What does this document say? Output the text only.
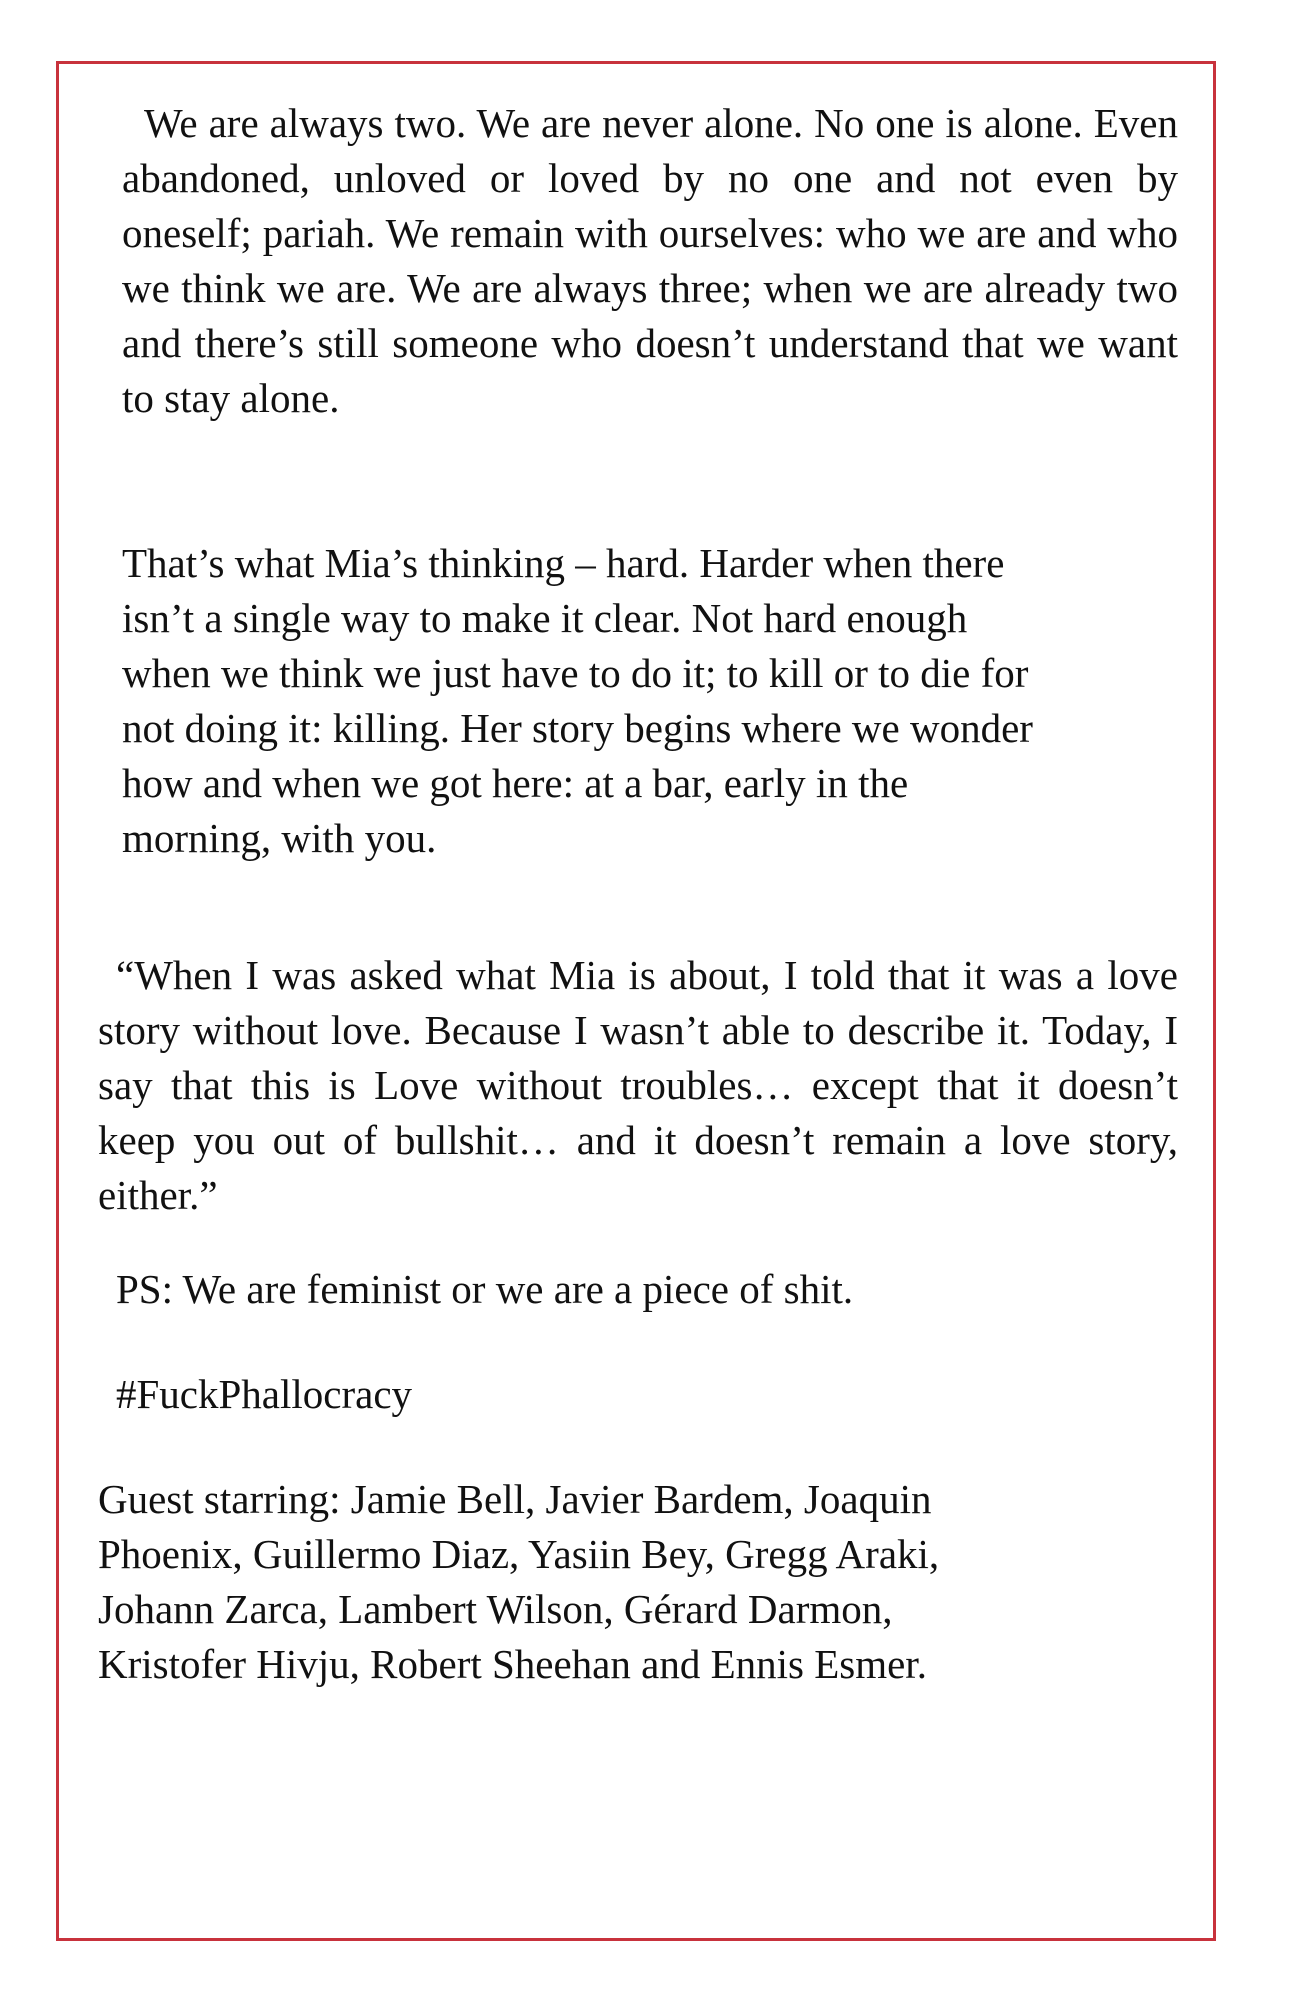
We are always two. We are never alone. No one is alone. Even abandoned, unloved or loved by no one and not even by oneself; pariah. We remain with ourselves: who we are and who we think we are. We are always three; when we are already two and there’s still someone who doesn’t understand that we want to stay alone.

That’s what Mia’s thinking – hard. Harder when there
isn’t a single way to make it clear. Not hard enough
when we think we just have to do it; to kill or to die for
not doing it: killing. Her story begins where we wonder
how and when we got here: at a bar, early in the
morning, with you.

“When I was asked what Mia is about, I told that it was a love story without love. Because I wasn’t able to describe it. Today, I say that this is Love without troubles… except that it doesn’t keep you out of bullshit… and it doesn’t remain a love story, either.”

PS: We are feminist or we are a piece of shit.

#FuckPhallocracy

Guest starring: Jamie Bell, Javier Bardem, Joaquin
Phoenix, Guillermo Diaz, Yasiin Bey, Gregg Araki,
Johann Zarca, Lambert Wilson, Gérard Darmon,
Kristofer Hivju, Robert Sheehan and Ennis Esmer.
